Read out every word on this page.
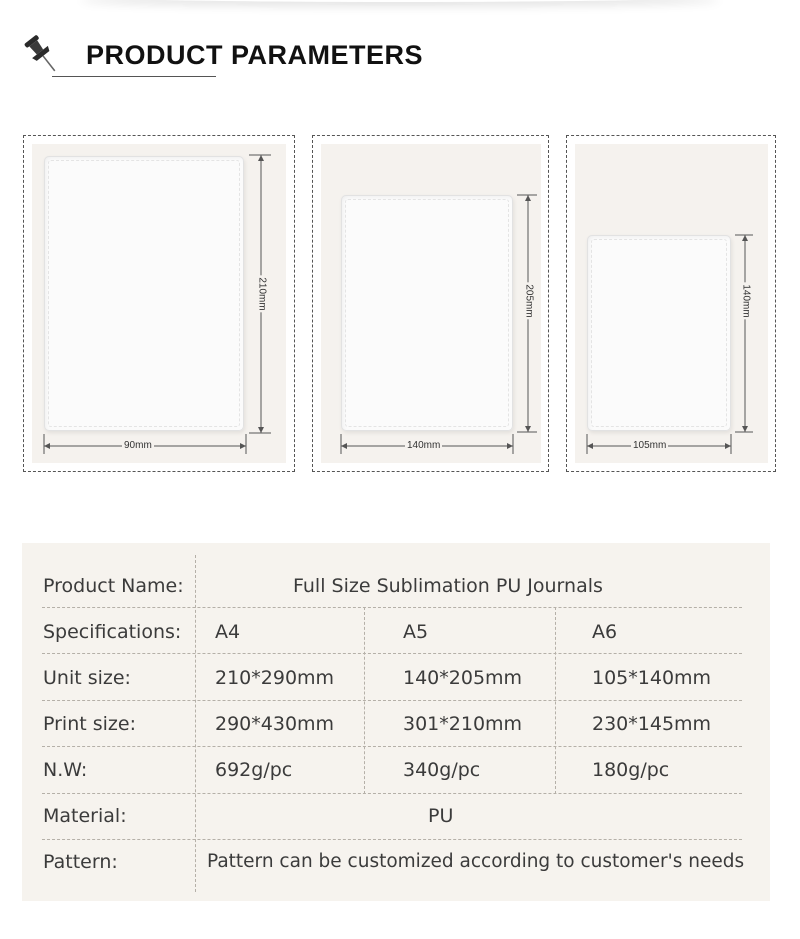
PRODUCT PARAMETERS
210mm
90mm
205mm
140mm
140mm
105mm
Product Name:	Full Size Sublimation PU Journals
Specifications: A4	A5	A6
Unit size:	210*290mm	140*205mm	105*140mm
Print size:	290*430mm	301*210mm	230*145mm
N.W:	692g/pc	340g/pc	180g/pc
Material:	PU
Pattern:	Pattern can be customized according to customer's needs
